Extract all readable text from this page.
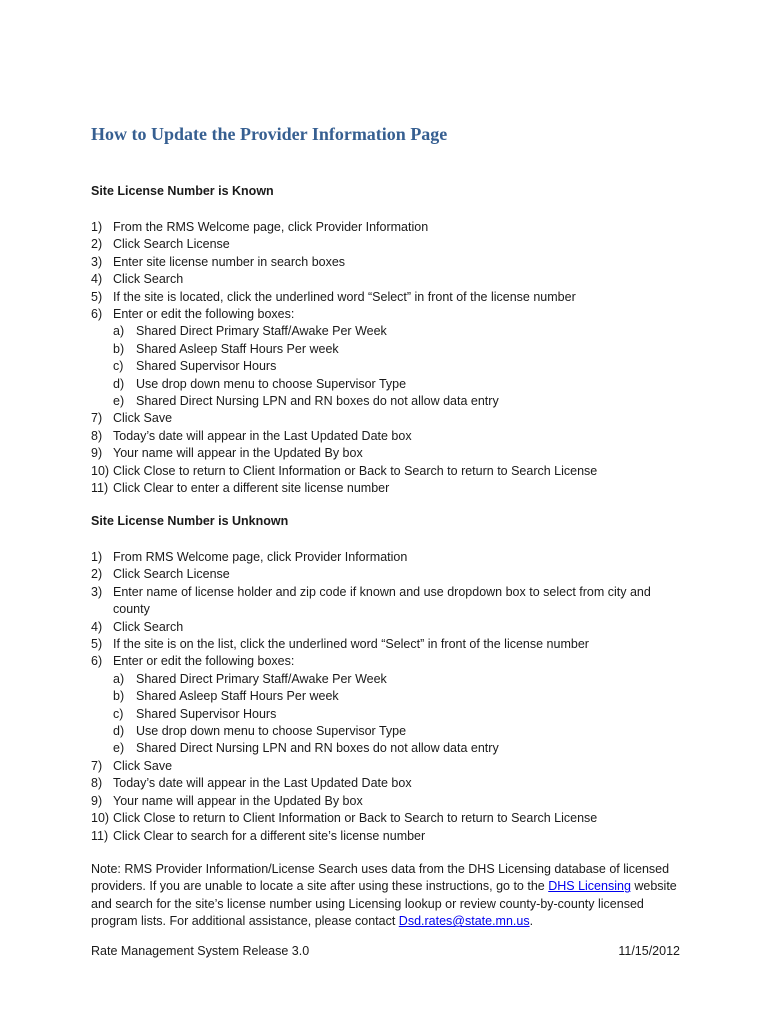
How to Update the Provider Information Page
Site License Number is Known
1) From the RMS Welcome page, click Provider Information
2) Click Search License
3) Enter site license number in search boxes
4) Click Search
5) If the site is located, click the underlined word “Select” in front of the license number
6) Enter or edit the following boxes:
a) Shared Direct Primary Staff/Awake Per Week
b) Shared Asleep Staff Hours Per week
c)	Shared Supervisor Hours
d) Use drop down menu to choose Supervisor Type
e) Shared Direct Nursing LPN and RN boxes do not allow data entry
7) Click Save
8) Today’s date will appear in the Last Updated Date box
9) Your name will appear in the Updated By box
10) Click Close to return to Client Information or Back to Search to return to Search License
11) Click Clear to enter a different site license number
Site License Number is Unknown
1) From RMS Welcome page, click Provider Information
2) Click Search License
3) Enter name of license holder and zip code if known and use dropdown box to select from city and county
4) Click Search
5) If the site is on the list, click the underlined word “Select” in front of the license number
6) Enter or edit the following boxes:
a) Shared Direct Primary Staff/Awake Per Week
b) Shared Asleep Staff Hours Per week
c)	Shared Supervisor Hours
d) Use drop down menu to choose Supervisor Type
e) Shared Direct Nursing LPN and RN boxes do not allow data entry
7) Click Save
8) Today’s date will appear in the Last Updated Date box
9) Your name will appear in the Updated By box
10) Click Close to return to Client Information or Back to Search to return to Search License
11) Click Clear to search for a different site’s license number
Note: RMS Provider Information/License Search uses data from the DHS Licensing database of licensed providers. If you are unable to locate a site after using these instructions, go to the DHS Licensing website and search for the site’s license number using Licensing lookup or review county-by-county licensed program lists. For additional assistance, please contact Dsd.rates@state.mn.us.
Rate Management System Release 3.0	11/15/2012
